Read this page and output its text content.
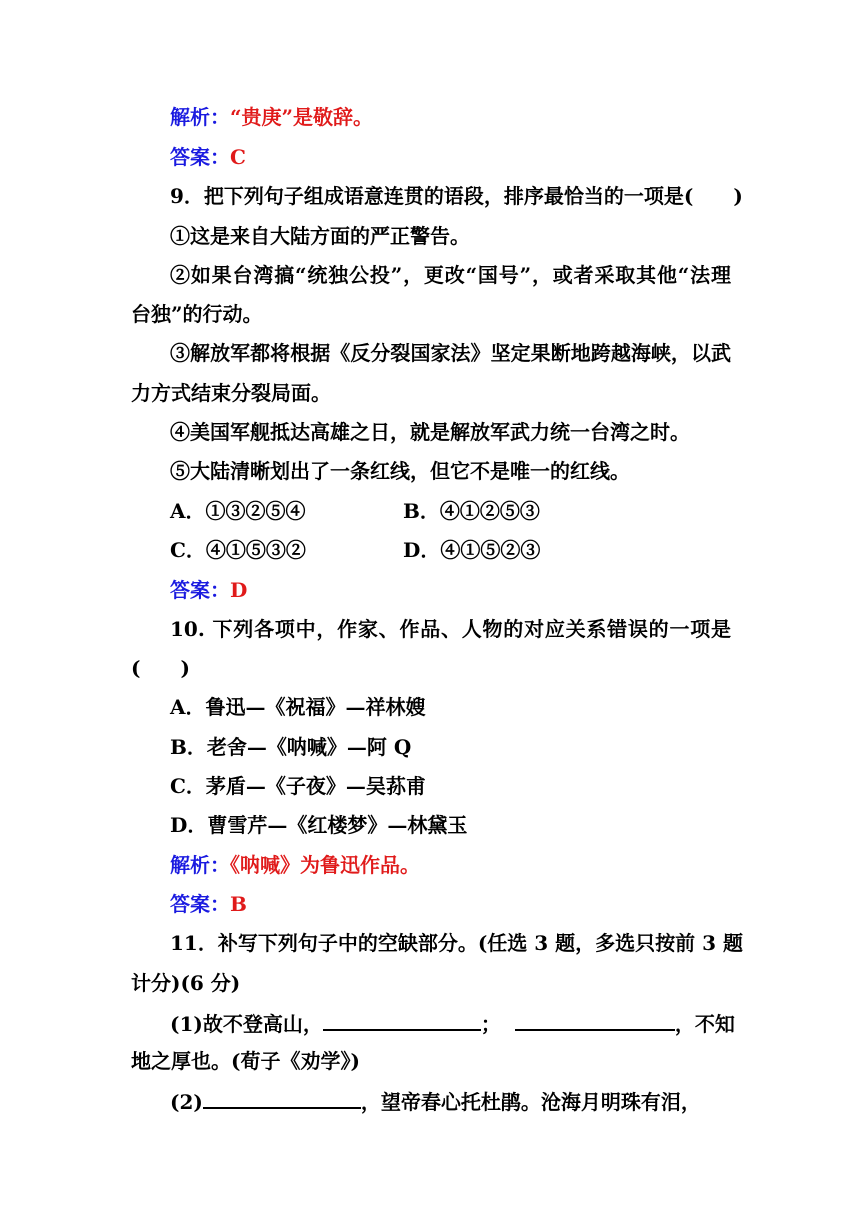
解析：“贵庚”是敬辞。
答案：C
9．把下列句子组成语意连贯的语段，排序最恰当的一项是(　　)
①这是来自大陆方面的严正警告。
②如果台湾搞“统独公投”，更改“国号”，或者采取其他“法理
台独”的行动。
③解放军都将根据《反分裂国家法》坚定果断地跨越海峡，以武
力方式结束分裂局面。
④美国军舰抵达高雄之日，就是解放军武力统一台湾之时。
⑤大陆清晰划出了一条红线，但它不是唯一的红线。
A．①③②⑤④	B．④①②⑤③
C．④①⑤③②	D．④①⑤②③
答案：D
10. 下列各项中，作家、作品、人物的对应关系错误的一项是
(　　)
A．鲁迅—《祝福》—祥林嫂
B．老舍—《呐喊》—阿 Q
C．茅盾—《子夜》—吴荪甫
D．曹雪芹—《红楼梦》—林黛玉
解析：《呐喊》为鲁迅作品。
答案：B
11．补写下列句子中的空缺部分。(任选 3 题，多选只按前 3 题
计分)(6 分)
(1)故不登高山，	；	，不知
地之厚也。(荀子《劝学》)
(2)	，望帝春心托杜鹃。沧海月明珠有泪，
